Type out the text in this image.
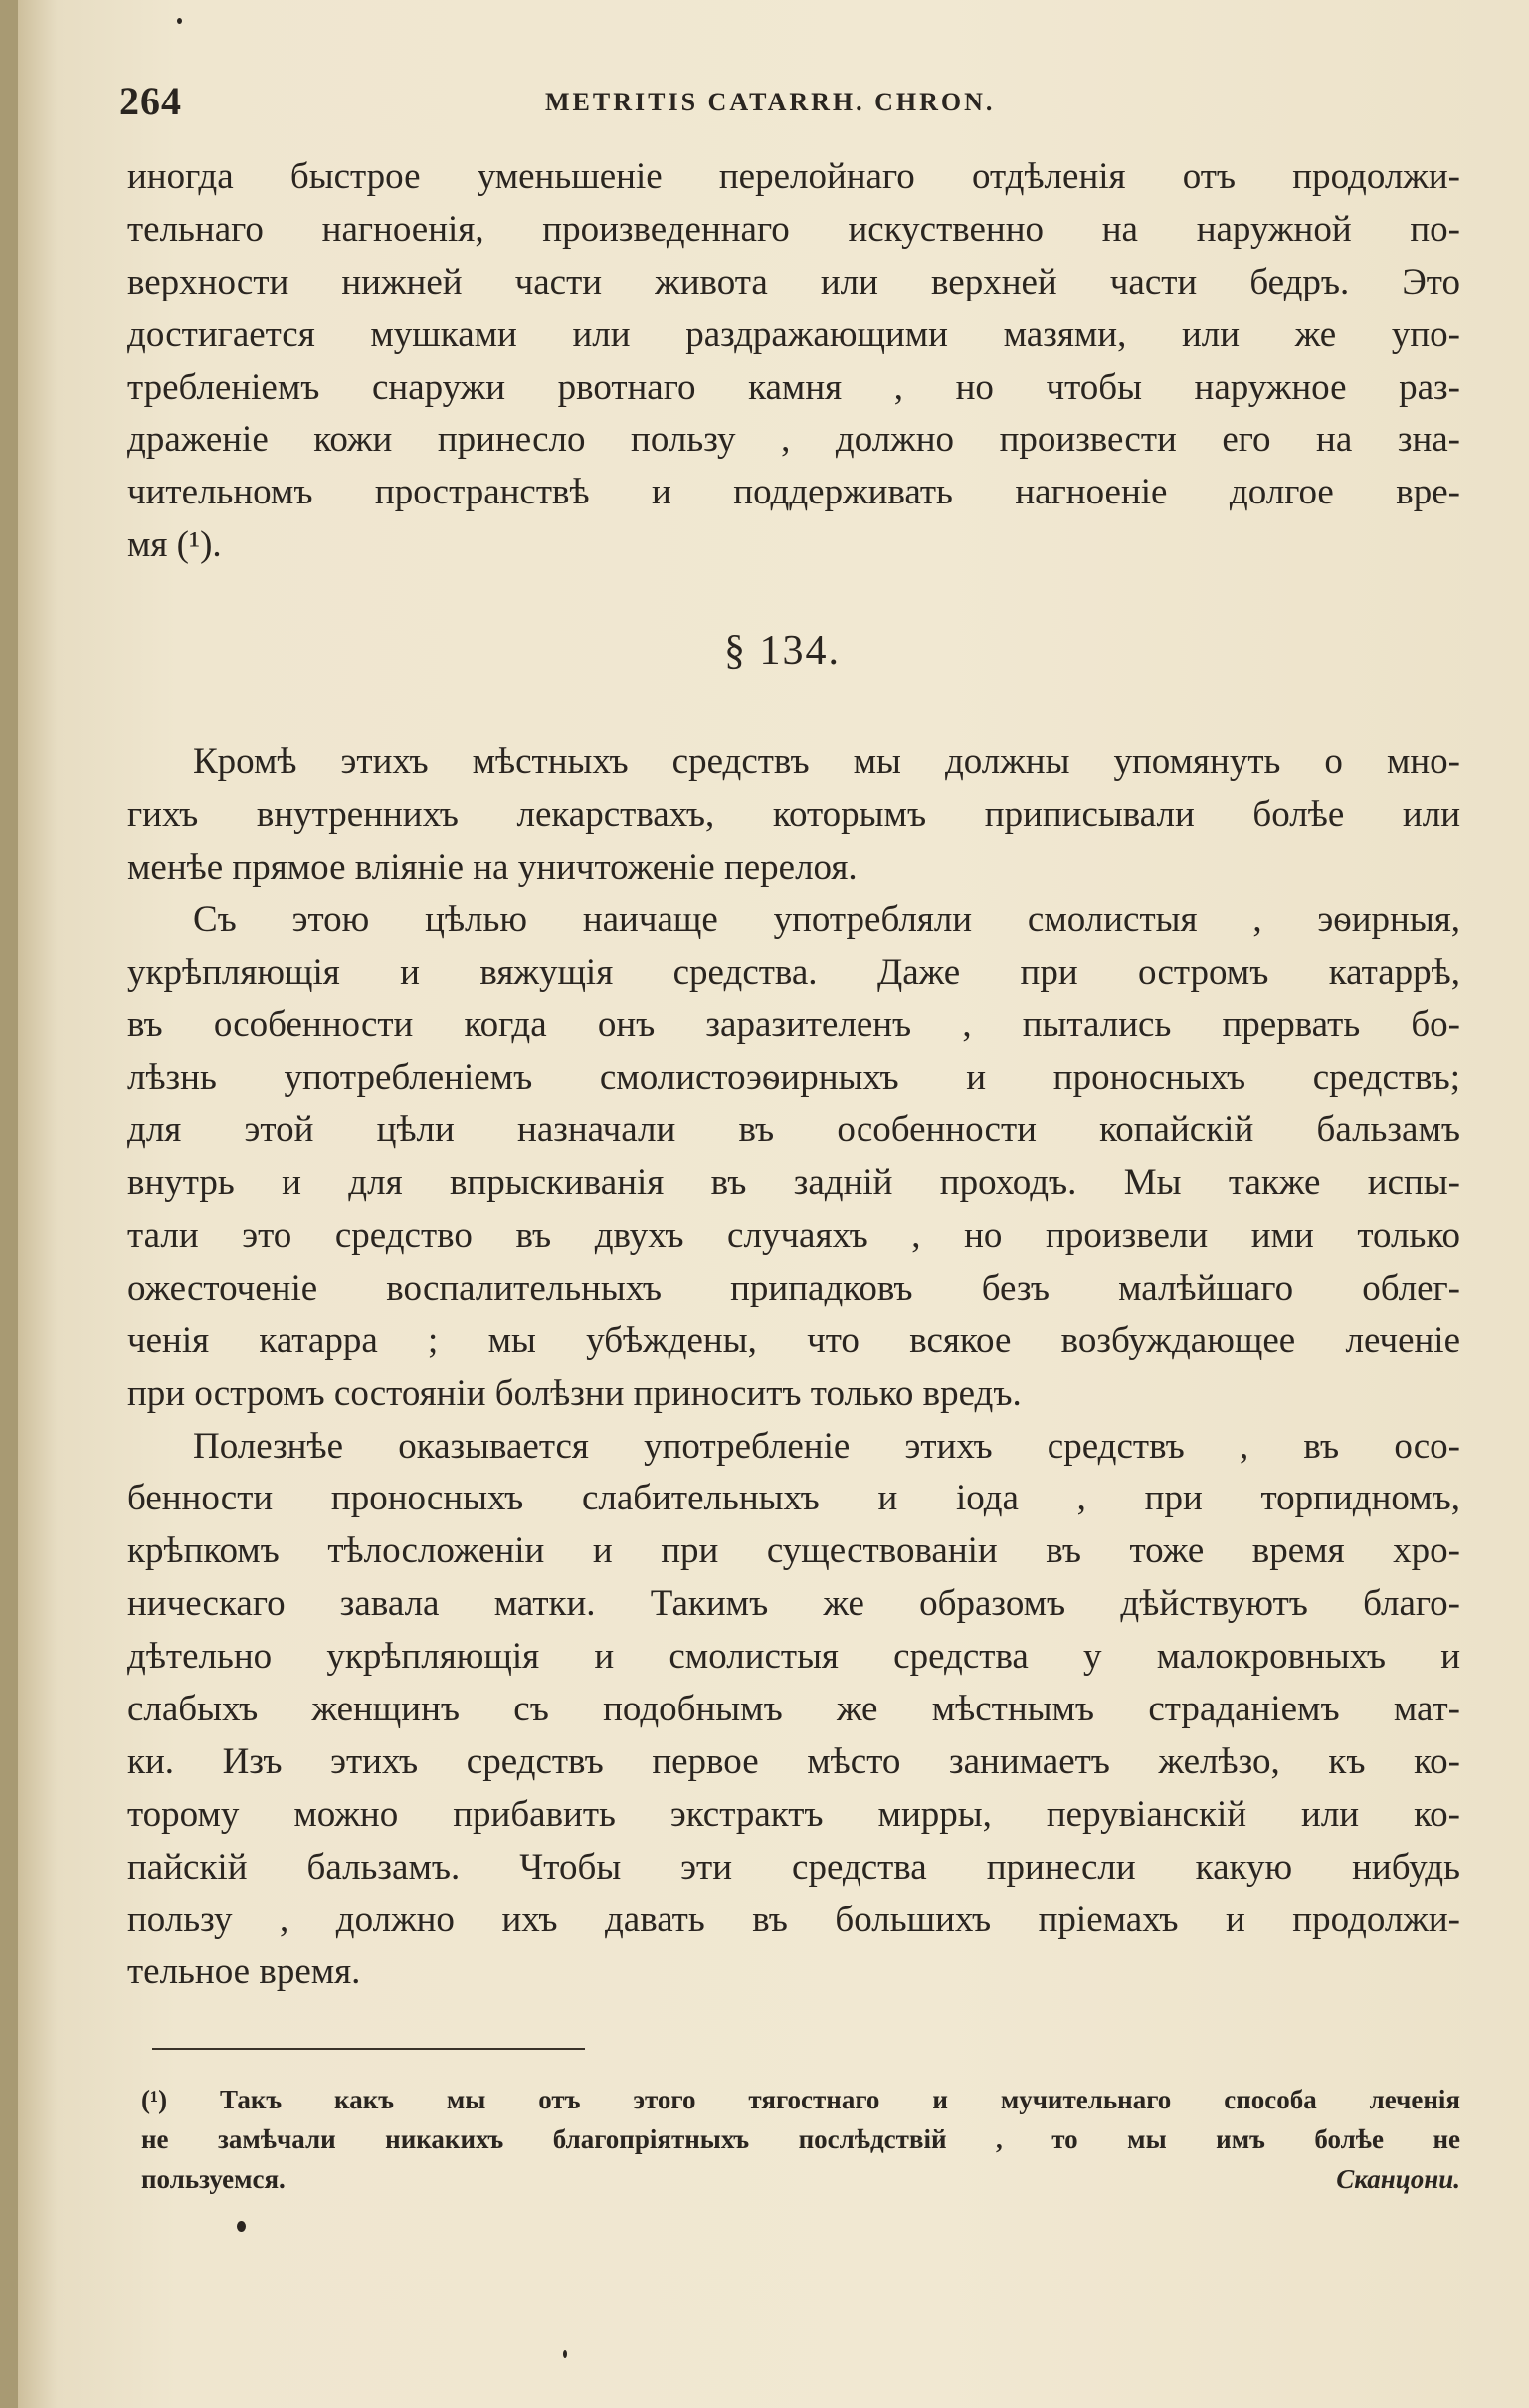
264	METRITIS CATARRH. CHRON.
иногда быстрое уменьшеніе перелойнаго отдѣленія отъ продолжи-
тельнаго нагноенія, произведеннаго искуственно на наружной по-
верхности нижней части живота или верхней части бедръ. Это
достигается мушками или раздражающими мазями, или же упо-
требленіемъ снаружи рвотнаго камня , но чтобы наружное раз-
драженіе кожи принесло пользу , должно произвести его на зна-
чительномъ пространствѣ и поддерживать нагноеніе долгое вре-
мя (¹).
§ 134.
Кромѣ этихъ мѣстныхъ средствъ мы должны упомянуть о мно-
гихъ внутреннихъ лекарствахъ, которымъ приписывали болѣе или
менѣе прямое вліяніе на уничтоженіе перелоя.
Съ этою цѣлью наичаще употребляли смолистыя , эѳирныя,
укрѣпляющія и вяжущія средства. Даже при остромъ катаррѣ,
въ особенности когда онъ заразителенъ , пытались прервать бо-
лѣзнь употребленіемъ смолистоэѳирныхъ и проносныхъ средствъ;
для этой цѣли назначали въ особенности копайскій бальзамъ
внутрь и для впрыскиванія въ задній проходъ. Мы также испы-
тали это средство въ двухъ случаяхъ , но произвели ими только
ожесточеніе воспалительныхъ припадковъ безъ малѣйшаго облег-
ченія катарра ; мы убѣждены, что всякое возбуждающее леченіе
при остромъ состояніи болѣзни приноситъ только вредъ.
Полезнѣе оказывается употребленіе этихъ средствъ , въ осо-
бенности проносныхъ слабительныхъ и іода , при торпидномъ,
крѣпкомъ тѣлосложеніи и при существованіи въ тоже время хро-
ническаго завала матки. Такимъ же образомъ дѣйствуютъ благо-
дѣтельно укрѣпляющія и смолистыя средства у малокровныхъ и
слабыхъ женщинъ съ подобнымъ же мѣстнымъ страданіемъ мат-
ки. Изъ этихъ средствъ первое мѣсто занимаетъ желѣзо, къ ко-
торому можно прибавить экстрактъ мирры, перувіанскій или ко-
пайскій бальзамъ. Чтобы эти средства принесли какую нибудь
пользу , должно ихъ давать въ большихъ пріемахъ и продолжи-
тельное время.
(¹) Такъ какъ мы отъ этого тягостнаго и мучительнаго способа леченія
не замѣчали никакихъ благопріятныхъ послѣдствій , то мы имъ болѣе не
пользуемся.	Сканцони.
